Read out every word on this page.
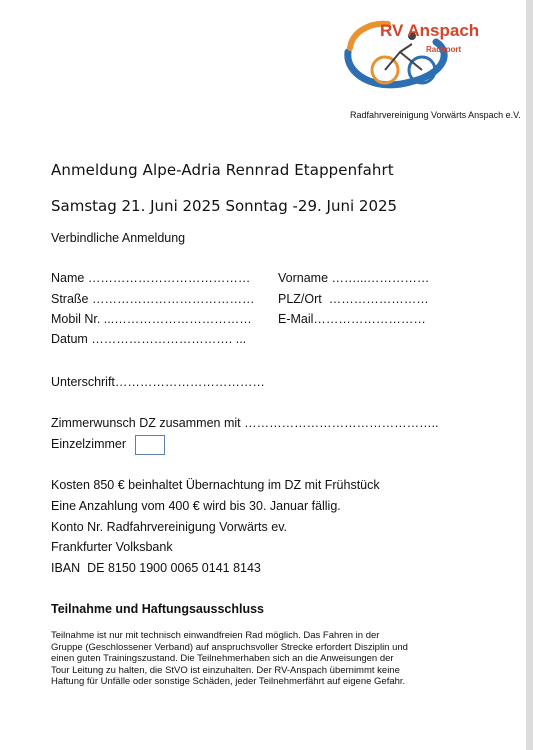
RV Anspach
Radsport
Radfahrvereinigung Vorwärts Anspach e.V.
Anmeldung Alpe-Adria Rennrad Etappenfahrt
Samstag 21. Juni 2025 Sonntag -29. Juni 2025
Verbindliche Anmeldung
Name ………………………………… Vorname ……...……………
Straße ………………………………… PLZ/Ort  ……………………
Mobil Nr. ...…………………………… E-Mail………………………
Datum ……………………………. ...
Unterschrift………………………………
Zimmerwunsch DZ zusammen mit ………………………………………..
Einzelzimmer
Kosten 850 € beinhaltet Übernachtung im DZ mit Frühstück
Eine Anzahlung vom 400 € wird bis 30. Januar fällig.
Konto Nr. Radfahrvereinigung Vorwärts ev.
Frankfurter Volksbank
IBAN  DE 8150 1900 0065 0141 8143
Teilnahme und Haftungsausschluss
Teilnahme ist nur mit technisch einwandfreien Rad möglich. Das Fahren in der
Gruppe (Geschlossener Verband) auf anspruchsvoller Strecke erfordert Disziplin und
einen guten Trainingszustand. Die Teilnehmerhaben sich an die Anweisungen der
Tour Leitung zu halten, die StVO ist einzuhalten. Der RV-Anspach übernimmt keine
Haftung für Unfälle oder sonstige Schäden, jeder Teilnehmerfährt auf eigene Gefahr.
